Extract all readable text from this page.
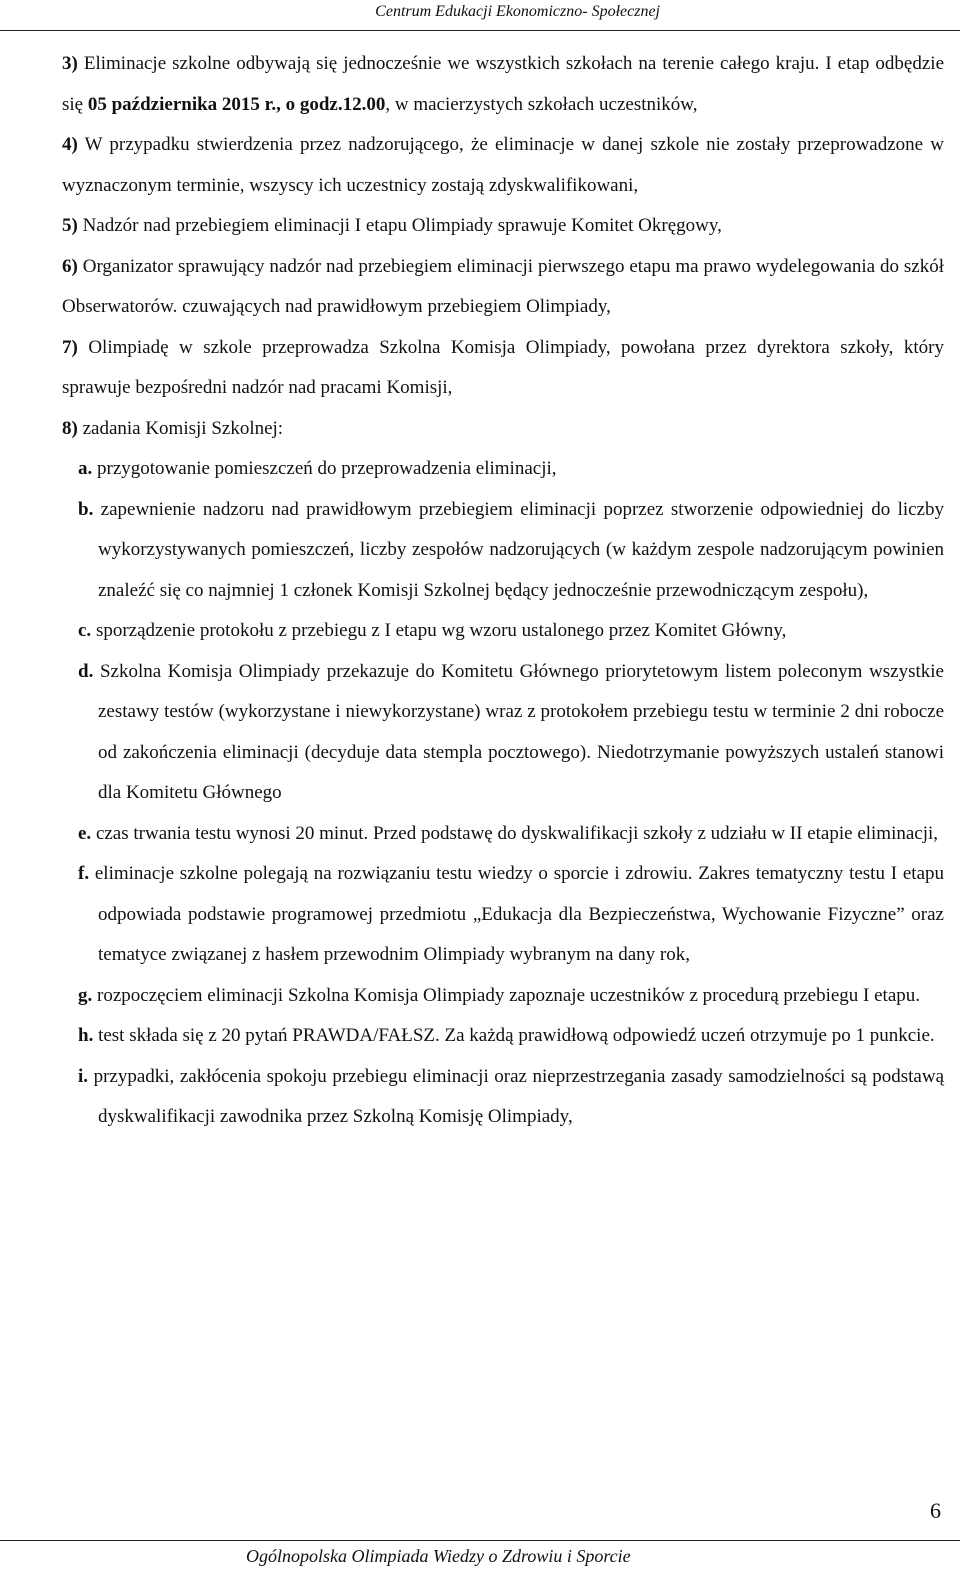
Centrum Edukacji Ekonomiczno- Społecznej

3) Eliminacje szkolne odbywają się jednocześnie we wszystkich szkołach na terenie całego kraju. I etap odbędzie się 05 października 2015 r., o godz.12.00, w macierzystych szkołach uczestników,

4) W przypadku stwierdzenia przez nadzorującego, że eliminacje w danej szkole nie zostały przeprowadzone w wyznaczonym terminie, wszyscy ich uczestnicy zostają zdyskwalifikowani,

5) Nadzór nad przebiegiem eliminacji I etapu Olimpiady sprawuje Komitet Okręgowy,

6) Organizator sprawujący nadzór nad przebiegiem eliminacji pierwszego etapu ma prawo wydelegowania do szkół Obserwatorów. czuwających nad prawidłowym przebiegiem Olimpiady,

7) Olimpiadę w szkole przeprowadza Szkolna Komisja Olimpiady, powołana przez dyrektora szkoły, który sprawuje bezpośredni nadzór nad pracami Komisji,

8) zadania Komisji Szkolnej:

a. przygotowanie pomieszczeń do przeprowadzenia eliminacji,

b. zapewnienie nadzoru nad prawidłowym przebiegiem eliminacji poprzez stworzenie odpowiedniej do liczby wykorzystywanych pomieszczeń, liczby zespołów nadzorujących (w każdym zespole nadzorującym powinien znaleźć się co najmniej 1 członek Komisji Szkolnej będący jednocześnie przewodniczącym zespołu),

c. sporządzenie protokołu z przebiegu z I etapu wg wzoru ustalonego przez Komitet Główny,

d. Szkolna Komisja Olimpiady przekazuje do Komitetu Głównego priorytetowym listem poleconym wszystkie zestawy testów (wykorzystane i niewykorzystane) wraz z protokołem przebiegu testu w terminie 2 dni robocze od zakończenia eliminacji (decyduje data stempla pocztowego). Niedotrzymanie powyższych ustaleń stanowi dla Komitetu Głównego

e. czas trwania testu wynosi 20 minut. Przed podstawę do dyskwalifikacji szkoły z udziału w II etapie eliminacji,

f. eliminacje szkolne polegają na rozwiązaniu testu wiedzy o sporcie i zdrowiu. Zakres tematyczny testu I etapu odpowiada podstawie programowej przedmiotu „Edukacja dla Bezpieczeństwa, Wychowanie Fizyczne” oraz tematyce związanej z hasłem przewodnim Olimpiady wybranym na dany rok,

g. rozpoczęciem eliminacji Szkolna Komisja Olimpiady zapoznaje uczestników z procedurą przebiegu I etapu.

h. test składa się z 20 pytań PRAWDA/FAŁSZ. Za każdą prawidłową odpowiedź uczeń otrzymuje po 1 punkcie.

i. przypadki, zakłócenia spokoju przebiegu eliminacji oraz nieprzestrzegania zasady samodzielności są podstawą dyskwalifikacji zawodnika przez Szkolną Komisję Olimpiady,

6
Ogólnopolska Olimpiada Wiedzy o Zdrowiu i Sporcie
